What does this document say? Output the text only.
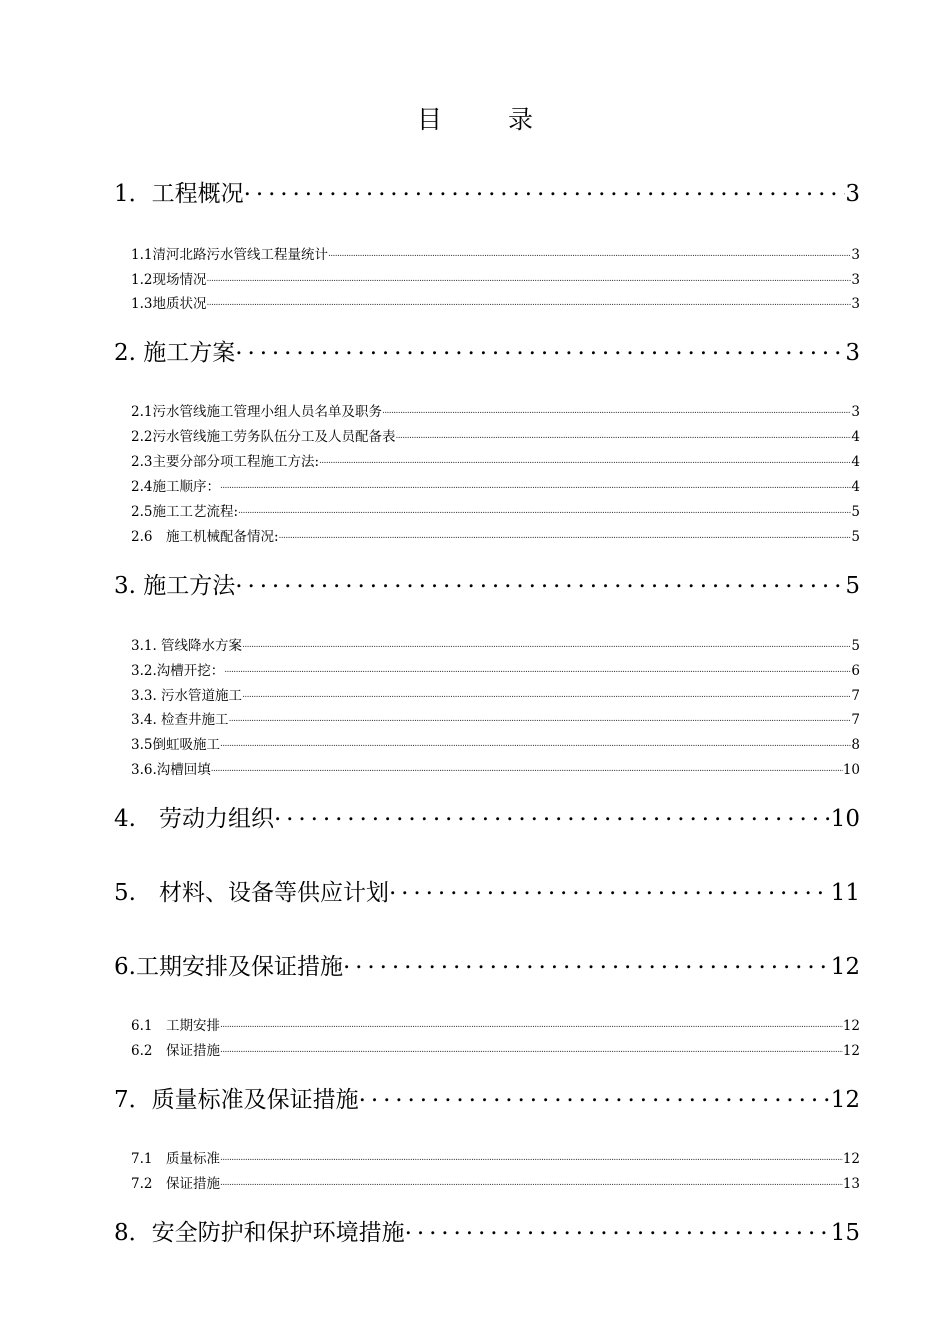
目	录
1．工程概况 . . .	3
1.1清河北路污水管线工程量统计 .....	3
1.2现场情况 .....	3
1.3地质状况 .....	3
2. 施工方案 . . .	3
2.1污水管线施工管理小组人员名单及职务 .....	3
2.2污水管线施工劳务队伍分工及人员配备表 .....	4
2.3主要分部分项工程施工方法: .....	4
2.4施工顺序： .....	4
2.5施工工艺流程: .....	5
2.6　施工机械配备情况: .....	5
3. 施工方法 . . .	5
3.1. 管线降水方案 .....	5
3.2.沟槽开挖： .....	6
3.3. 污水管道施工 .....	7
3.4. 检查井施工 .....	7
3.5倒虹吸施工 .....	8
3.6.沟槽回填 .....	10
4.　劳动力组织 . . .	10
5.　材料、设备等供应计划 . . .	11
6.工期安排及保证措施 . . .	12
6.1　工期安排 .....	12
6.2　保证措施 .....	12
7．质量标准及保证措施 . . .	12
7.1　质量标准 .....	12
7.2　保证措施 .....	13
8．安全防护和保护环境措施 . . .	15
